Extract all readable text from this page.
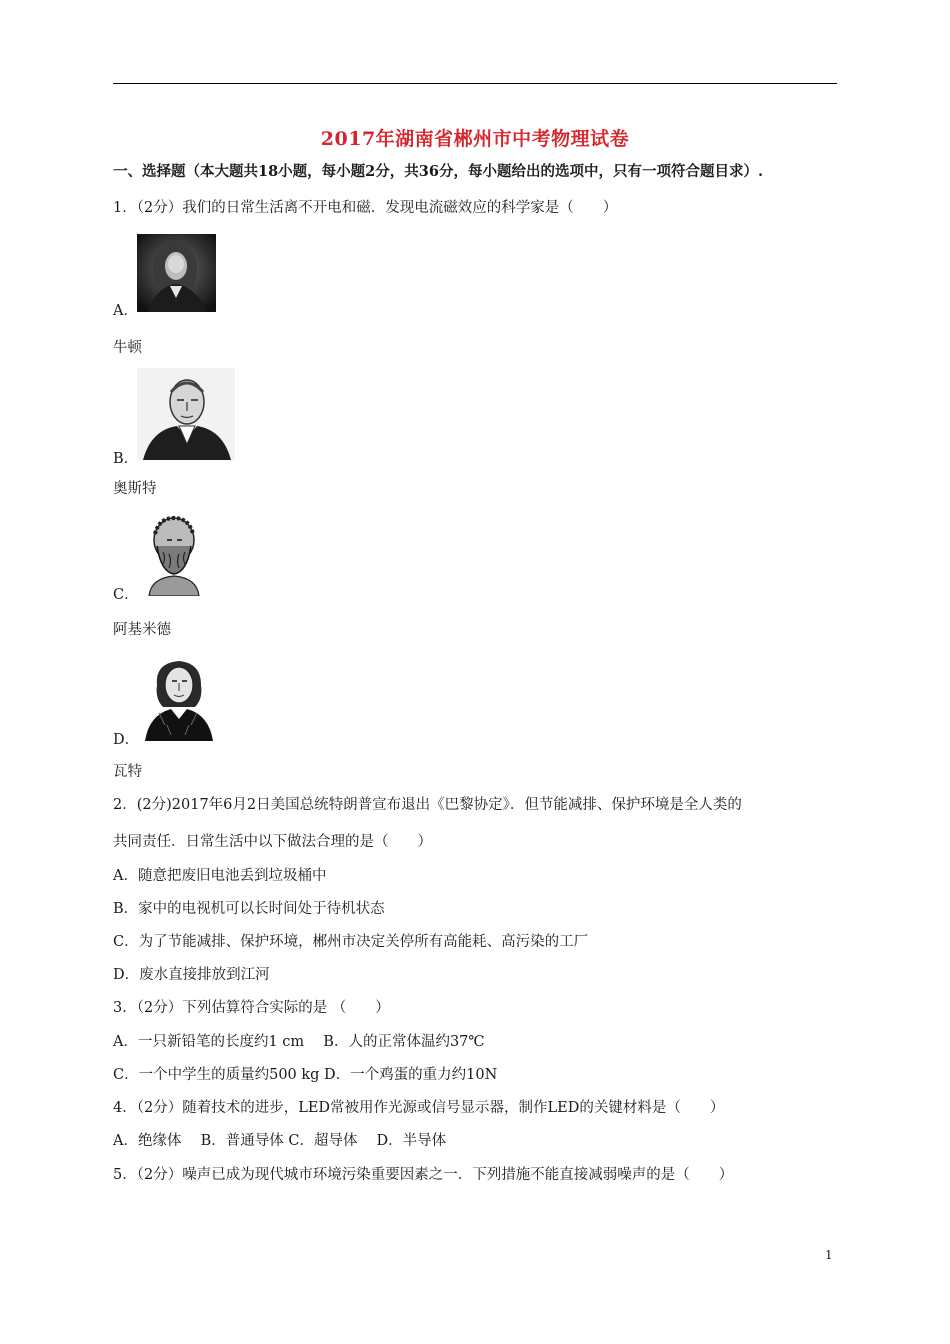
2017年湖南省郴州市中考物理试卷
一、选择题（本大题共18小题，每小题2分，共36分，每小题给出的选项中，只有一项符合题目求）.
1．（2分）我们的日常生活离不开电和磁．发现电流磁效应的科学家是（　　）
A．
牛顿
B．
奥斯特
C．
阿基米德
D．
瓦特
2．(2分)2017年6月2日美国总统特朗普宣布退出《巴黎协定》．但节能减排、保护环境是全人类的
共同责任．日常生活中以下做法合理的是（　　）
A．随意把废旧电池丢到垃圾桶中
B．家中的电视机可以长时间处于待机状态
C．为了节能减排、保护环境，郴州市决定关停所有高能耗、高污染的工厂
D．废水直接排放到江河
3．（2分）下列估算符合实际的是 （　　）
A．一只新铅笔的长度约1 cm　 B．人的正常体温约37℃
C．一个中学生的质量约500 kg D．一个鸡蛋的重力约10N
4．（2分）随着技术的进步，LED常被用作光源或信号显示器，制作LED的关键材料是（　　）
A．绝缘体　 B．普通导体 C．超导体　 D．半导体
5．（2分）噪声已成为现代城市环境污染重要因素之一．下列措施不能直接减弱噪声的是（　　）
1
